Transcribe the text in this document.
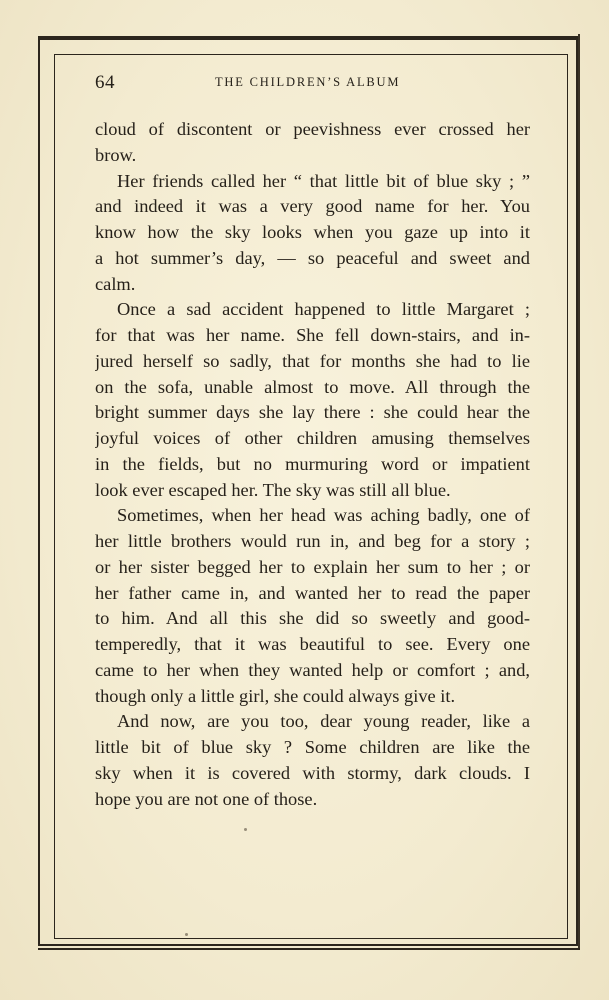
64	THE CHILDREN’S ALBUM
cloud of discontent or peevishness ever crossed her
brow.
Her friends called her “ that little bit of blue sky ; ”
and indeed it was a very good name for her. You
know how the sky looks when you gaze up into it
a hot summer’s day, — so peaceful and sweet and
calm.
Once a sad accident happened to little Margaret ;
for that was her name. She fell down-stairs, and in-
jured herself so sadly, that for months she had to lie
on the sofa, unable almost to move. All through the
bright summer days she lay there : she could hear the
joyful voices of other children amusing themselves
in the fields, but no murmuring word or impatient
look ever escaped her. The sky was still all blue.
Sometimes, when her head was aching badly, one of
her little brothers would run in, and beg for a story ;
or her sister begged her to explain her sum to her ; or
her father came in, and wanted her to read the paper
to him. And all this she did so sweetly and good-
temperedly, that it was beautiful to see. Every one
came to her when they wanted help or comfort ; and,
though only a little girl, she could always give it.
And now, are you too, dear young reader, like a
little bit of blue sky ? Some children are like the
sky when it is covered with stormy, dark clouds. I
hope you are not one of those.
